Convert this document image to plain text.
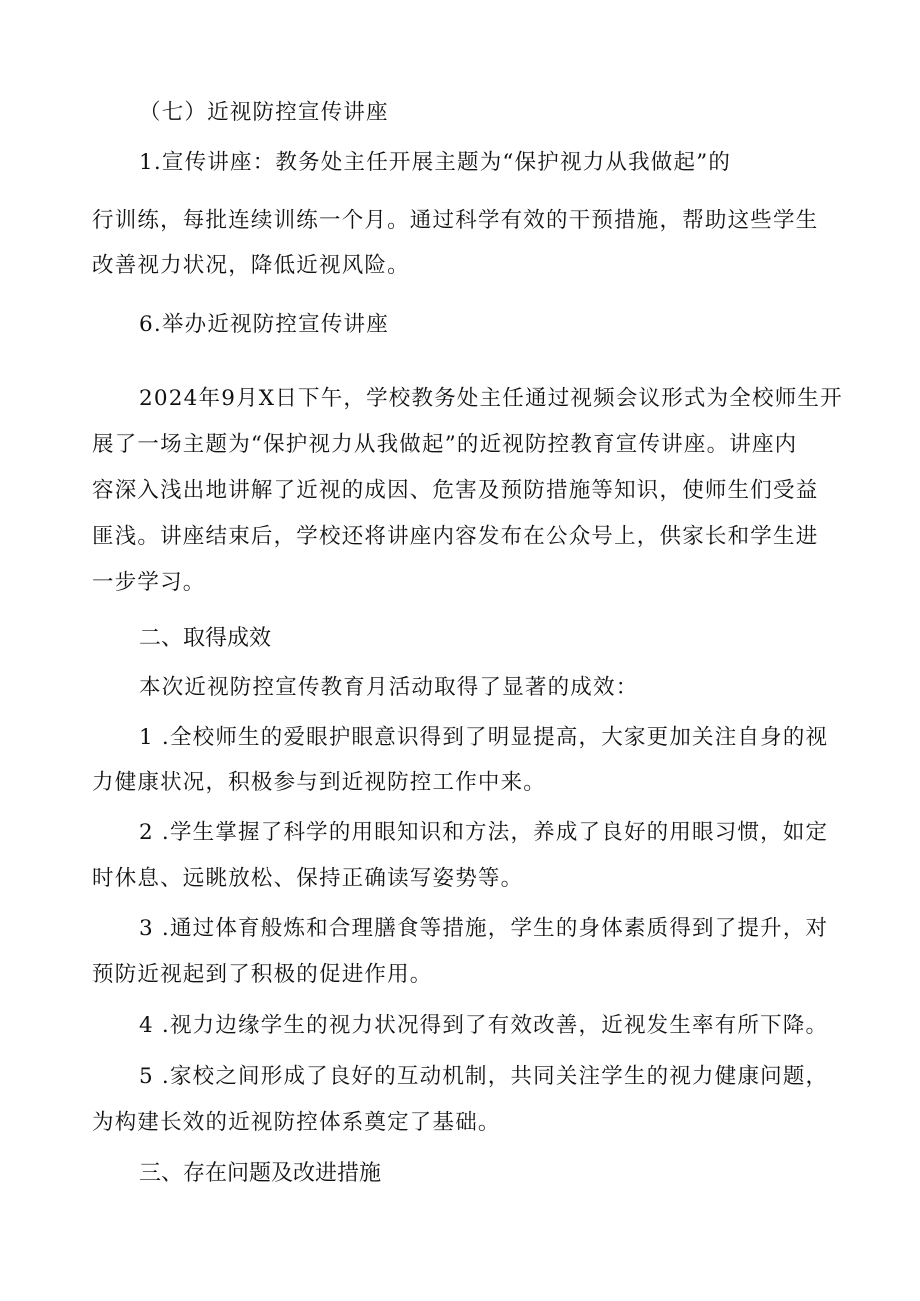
（七）近视防控宣传讲座
1.宣传讲座：教务处主任开展主题为“保护视力从我做起”的
行训练，每批连续训练一个月。通过科学有效的干预措施，帮助这些学生
改善视力状况，降低近视风险。
6.举办近视防控宣传讲座
2024年9月X日下午，学校教务处主任通过视频会议形式为全校师生开
展了一场主题为“保护视力从我做起”的近视防控教育宣传讲座。讲座内
容深入浅出地讲解了近视的成因、危害及预防措施等知识，使师生们受益
匪浅。讲座结束后，学校还将讲座内容发布在公众号上，供家长和学生进
一步学习。
二、取得成效
本次近视防控宣传教育月活动取得了显著的成效：
1 .全校师生的爱眼护眼意识得到了明显提高，大家更加关注自身的视
力健康状况，积极参与到近视防控工作中来。
2 .学生掌握了科学的用眼知识和方法，养成了良好的用眼习惯，如定
时休息、远眺放松、保持正确读写姿势等。
3 .通过体育般炼和合理膳食等措施，学生的身体素质得到了提升，对
预防近视起到了积极的促进作用。
4 .视力边缘学生的视力状况得到了有效改善，近视发生率有所下降。
5 .家校之间形成了良好的互动机制，共同关注学生的视力健康问题，
为构建长效的近视防控体系奠定了基础。
三、存在问题及改进措施
